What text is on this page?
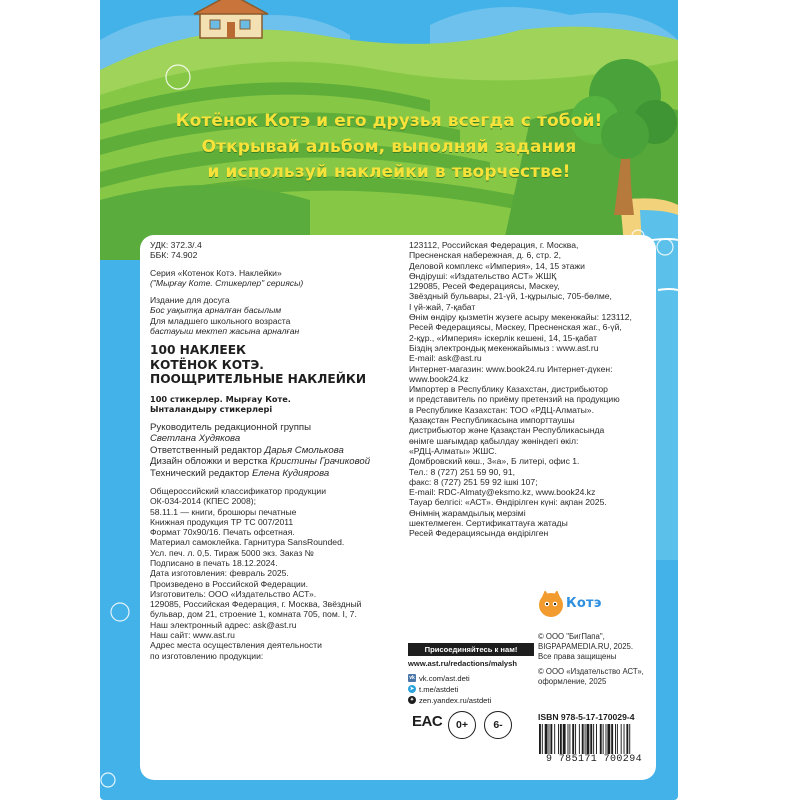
Котёнок Котэ и его друзья всегда с тобой!
Открывай альбом, выполняй задания
и используй наклейки в творчестве!
УДК: 372.3/.4
ББК: 74.902
Серия «Котенок Котэ. Наклейки»
("Мырғау Котe. Стикерлер" сериясы)
Издание для досуга
Бос уақытқа арналған басылым
Для младшего школьного возраста
бастауыш мектеп жасына арналған
100 НАКЛЕЕК
КОТЁНОК КОТЭ.
ПООЩРИТЕЛЬНЫЕ НАКЛЕЙКИ
100 стикерлер. Мырғау Котe.
Ынталандыру стикерлері
Руководитель редакционной группы
Светлана Худякова
Ответственный редактор Дарья Смолькова
Дизайн обложки и верстка Кристины Грачиковой
Технический редактор Елена Кудиярова
Общероссийский классификатор продукции
ОК-034-2014 (КПЕС 2008);
58.11.1 — книги, брошюры печатные
Книжная продукция ТР ТС 007/2011
Формат 70x90/16. Печать офсетная.
Материал самоклейка. Гарнитура SansRounded.
Усл. печ. л. 0,5. Тираж 5000 экз. Заказ №
Подписано в печать 18.12.2024.
Дата изготовления: февраль 2025.
Произведено в Российской Федерации.
Изготовитель: ООО «Издательство АСТ».
129085, Российская Федерация, г. Москва, Звёздный
бульвар, дом 21, строение 1, комната 705, пом. I, 7.
Наш электронный адрес: ask@ast.ru
Наш сайт: www.ast.ru
Адрес места осуществления деятельности
по изготовлению продукции:
123112, Российская Федерация, г. Москва,
Пресненская набережная, д. 6, стр. 2,
Деловой комплекс «Империя», 14, 15 этажи
Өндіруші: «Издательство АСТ» ЖШҚ
129085, Ресей Федерациясы, Мәскеу,
Звёздный бульвары, 21-үй, 1-құрылыс, 705-бөлме,
I үй-жай, 7-қабат
Өнім өндіру қызметін жүзеге асыру мекенжайы: 123112,
Ресей Федерациясы, Мәскеу, Пресненская жаг., 6-үй,
2-құр., «Империя» іскерлік кешені, 14, 15-қабат
Біздің электрондық мекенжайымыз : www.ast.ru
E-mail: ask@ast.ru
Интернет-магазин: www.book24.ru Интернет-дүкен:
www.book24.kz
Импортер в Республику Казахстан, дистрибьютор
и представитель по приёму претензий на продукцию
в Республике Казахстан: ТОО «РДЦ-Алматы».
Қазақстан Республикасына импорттаушы
дистрибьютор және Қазақстан Республикасында
өнімге шағымдар қабылдау жөніндегі өкіл:
«РДЦ-Алматы» ЖШС.
Домбровский көш., 3«а», Б литері, офис 1.
Тел.: 8 (727) 251 59 90, 91,
факс: 8 (727) 251 59 92 ішкі 107;
E-mail: RDC-Almaty@eksmo.kz, www.book24.kz
Тауар белгісі: «АСТ». Өндірілген күні: ақпан 2025.
Өнімнің жарамдылық мерзімі
шектелмеген. Сертификаттауға жатады
Ресей Федерациясында өндірілген
Присоединяйтесь к нам!
www.ast.ru/redactions/malysh
vk vk.com/ast.deti
➤ t.me/astdeti
✦ zen.yandex.ru/astdeti
EAC	0+	6-
Котэ
© ООО "БигПапа",
BIGPAPAMEDIA.RU, 2025.
Все права защищены
© ООО «Издательство АСТ»,
оформление, 2025
ISBN 978-5-17-170029-4
9 785171 700294
